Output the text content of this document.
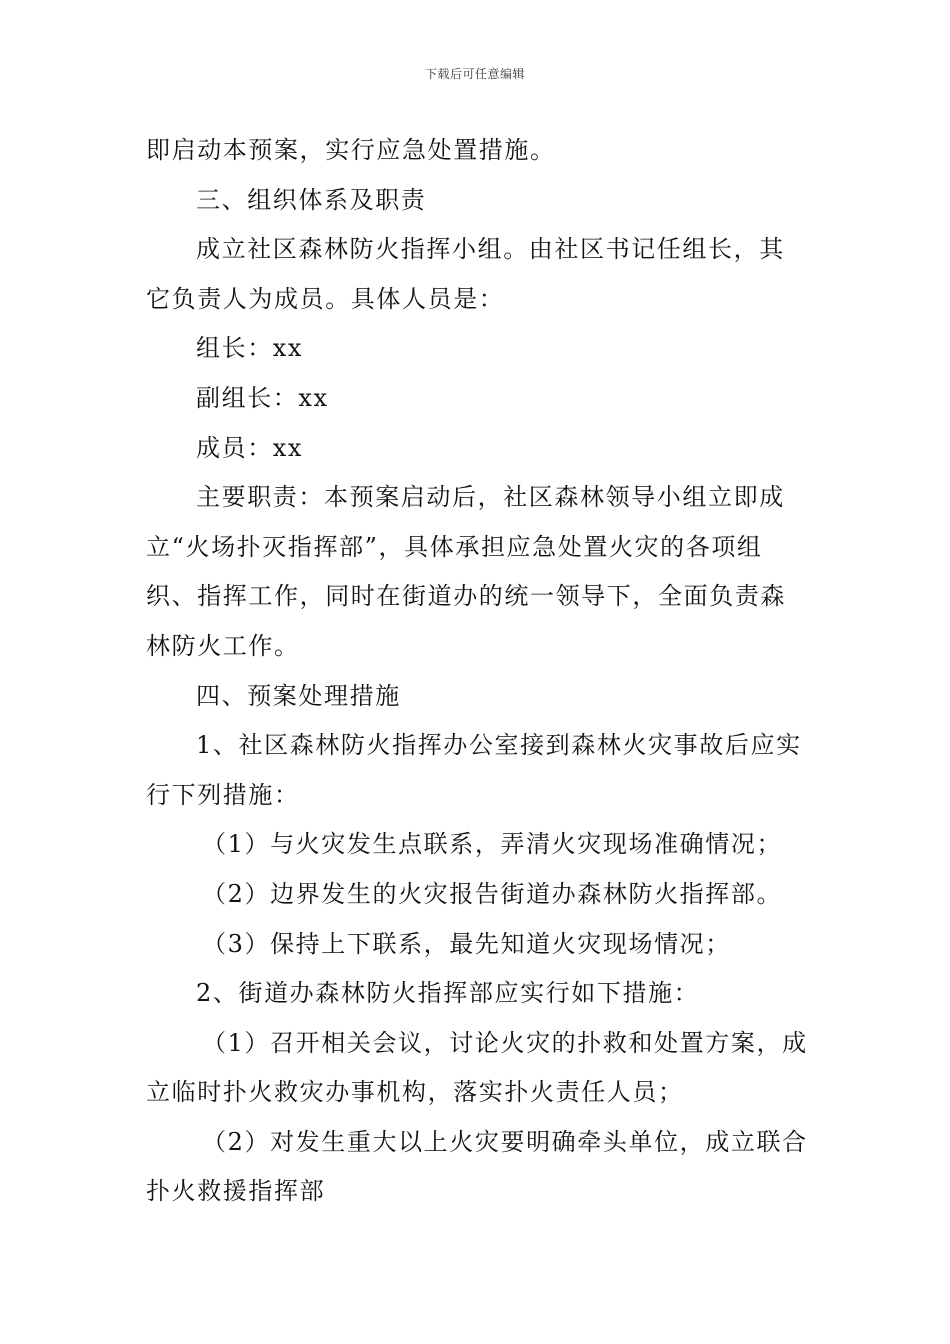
下载后可任意编辑
即启动本预案，实行应急处置措施。
三、组织体系及职责
成立社区森林防火指挥小组。由社区书记任组长，其
它负责人为成员。具体人员是：
组长：xx
副组长：xx
成员：xx
主要职责：本预案启动后，社区森林领导小组立即成
立“火场扑灭指挥部”，具体承担应急处置火灾的各项组
织、指挥工作，同时在街道办的统一领导下，全面负责森
林防火工作。
四、预案处理措施
1、社区森林防火指挥办公室接到森林火灾事故后应实
行下列措施：
（1）与火灾发生点联系，弄清火灾现场准确情况；
（2）边界发生的火灾报告街道办森林防火指挥部。
（3）保持上下联系，最先知道火灾现场情况；
2、街道办森林防火指挥部应实行如下措施：
（1）召开相关会议，讨论火灾的扑救和处置方案，成
立临时扑火救灾办事机构，落实扑火责任人员；
（2）对发生重大以上火灾要明确牵头单位，成立联合
扑火救援指挥部
